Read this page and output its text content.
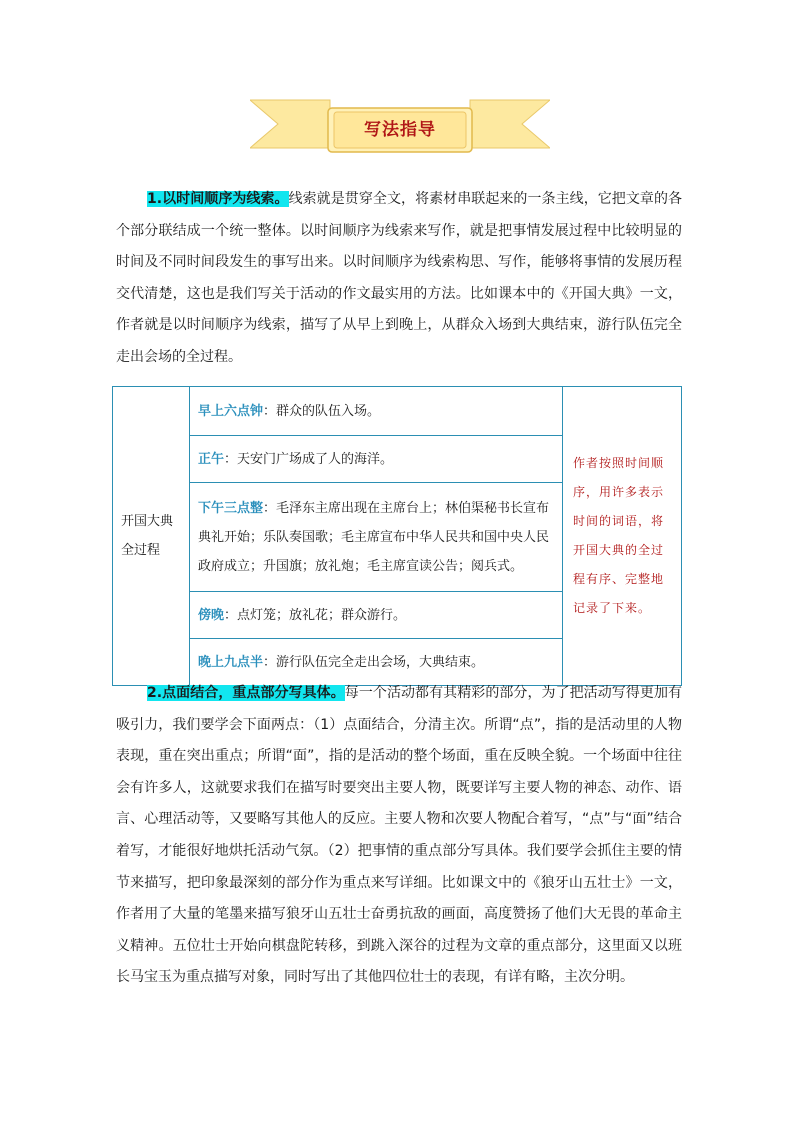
写法指导

1.以时间顺序为线索。线索就是贯穿全文，将素材串联起来的一条主线，它把文章的各个部分联结成一个统一整体。以时间顺序为线索来写作，就是把事情发展过程中比较明显的时间及不同时间段发生的事写出来。以时间顺序为线索构思、写作，能够将事情的发展历程交代清楚，这也是我们写关于活动的作文最实用的方法。比如课本中的《开国大典》一文，作者就是以时间顺序为线索，描写了从早上到晚上，从群众入场到大典结束，游行队伍完全走出会场的全过程。

开国大典全过程	早上六点钟：群众的队伍入场。	作者按照时间顺序，用许多表示时间的词语，将开国大典的全过程有序、完整地记录了下来。
正午：天安门广场成了人的海洋。
下午三点整：毛泽东主席出现在主席台上；林伯渠秘书长宣布典礼开始；乐队奏国歌；毛主席宣布中华人民共和国中央人民政府成立；升国旗；放礼炮；毛主席宣读公告；阅兵式。
傍晚：点灯笼；放礼花；群众游行。
晚上九点半：游行队伍完全走出会场，大典结束。

2.点面结合，重点部分写具体。每一个活动都有其精彩的部分，为了把活动写得更加有吸引力，我们要学会下面两点：（1）点面结合，分清主次。所谓“点”，指的是活动里的人物表现，重在突出重点；所谓“面”，指的是活动的整个场面，重在反映全貌。一个场面中往往会有许多人，这就要求我们在描写时要突出主要人物，既要详写主要人物的神态、动作、语言、心理活动等，又要略写其他人的反应。主要人物和次要人物配合着写，“点”与“面”结合着写，才能很好地烘托活动气氛。（2）把事情的重点部分写具体。我们要学会抓住主要的情节来描写，把印象最深刻的部分作为重点来写详细。比如课文中的《狼牙山五壮士》一文，作者用了大量的笔墨来描写狼牙山五壮士奋勇抗敌的画面，高度赞扬了他们大无畏的革命主义精神。五位壮士开始向棋盘陀转移，到跳入深谷的过程为文章的重点部分，这里面又以班长马宝玉为重点描写对象，同时写出了其他四位壮士的表现，有详有略，主次分明。
